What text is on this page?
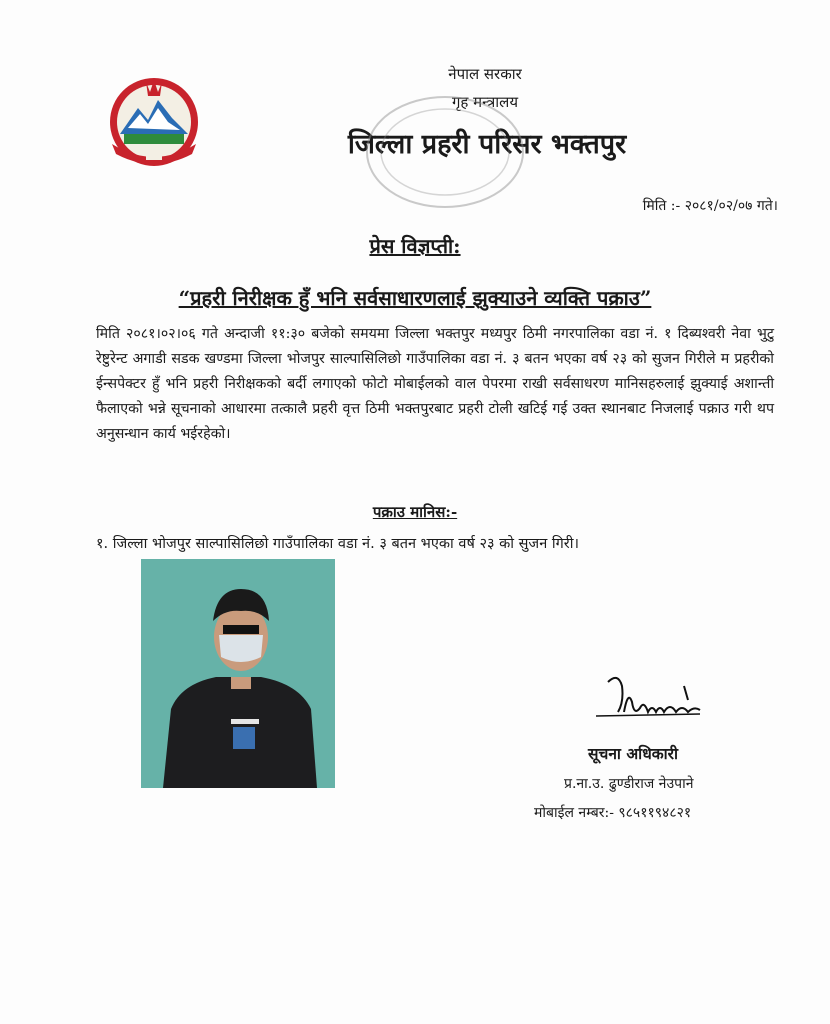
नेपाल सरकार
गृह मन्त्रालय
जिल्ला प्रहरी परिसर भक्तपुर
मिति :- २०८१/०२/०७ गते।
प्रेस विज्ञप्ती:
“प्रहरी निरीक्षक हुँ भनि सर्वसाधारणलाई झुक्याउने व्यक्ति पक्राउ”
मिति २०८१।०२।०६ गते अन्दाजी ११:३० बजेको समयमा जिल्ला भक्तपुर मध्यपुर ठिमी नगरपालिका वडा नं. १ दिब्यश्वरी नेवा भुटु रेष्टुरेन्ट अगाडी सडक खण्डमा जिल्ला भोजपुर साल्पासिलिछो गाउँपालिका वडा नं. ३ बतन भएका वर्ष २३ को सुजन गिरीले म प्रहरीको ईन्सपेक्टर हुँ भनि प्रहरी निरीक्षकको बर्दी लगाएको फोटो मोबाईलको वाल पेपरमा राखी सर्वसाधरण मानिसहरुलाई झुक्याई अशान्ती फैलाएको भन्ने सूचनाको आधारमा तत्कालै प्रहरी वृत्त ठिमी भक्तपुरबाट प्रहरी टोली खटिई गई उक्त स्थानबाट निजलाई पक्राउ गरी थप अनुसन्धान कार्य भईरहेको।
पक्राउ मानिस:-
१. जिल्ला भोजपुर साल्पासिलिछो गाउँपालिका वडा नं. ३ बतन भएका वर्ष २३ को सुजन गिरी।
सूचना अधिकारी
प्र.ना.उ. ढुण्डीराज नेउपाने
मोबाईल नम्बर:- ९८५११९४८२१
